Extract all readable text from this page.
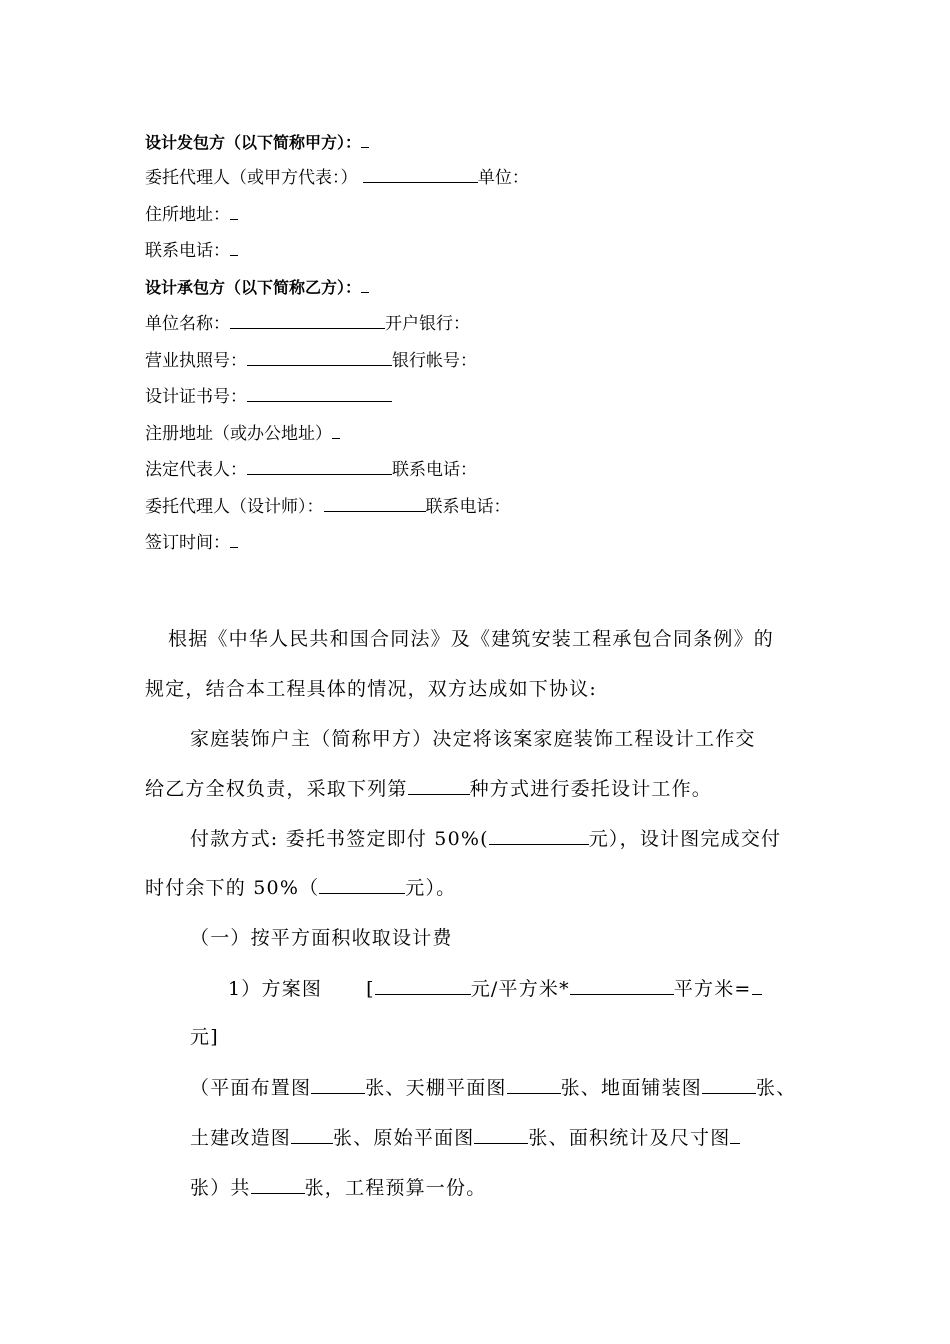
设计发包方（以下简称甲方）：
委托代理人（或甲方代表：）	单位：
住所地址：
联系电话：
设计承包方（以下简称乙方）：
单位名称：	开户银行：
营业执照号：	银行帐号：
设计证书号：
注册地址（或办公地址）
法定代表人：	联系电话：
委托代理人（设计师）：	联系电话：
签订时间：
根据《中华人民共和国合同法》及《建筑安装工程承包合同条例》的
规定，结合本工程具体的情况，双方达成如下协议:
家庭装饰户主（简称甲方）决定将该案家庭装饰工程设计工作交
给乙方全权负责，采取下列第	种方式进行委托设计工作。
付款方式: 委托书签定即付 50%(	元），设计图完成交付
时付余下的 50%（	元）。
（一）按平方面积收取设计费
1）方案图 [	元/平方米*	平方米=
元]
（平面布置图	张、天棚平面图	张、地面铺装图	张、
土建改造图 张、原始平面图	张、面积统计及尺寸图
张）共	张，工程预算一份。
